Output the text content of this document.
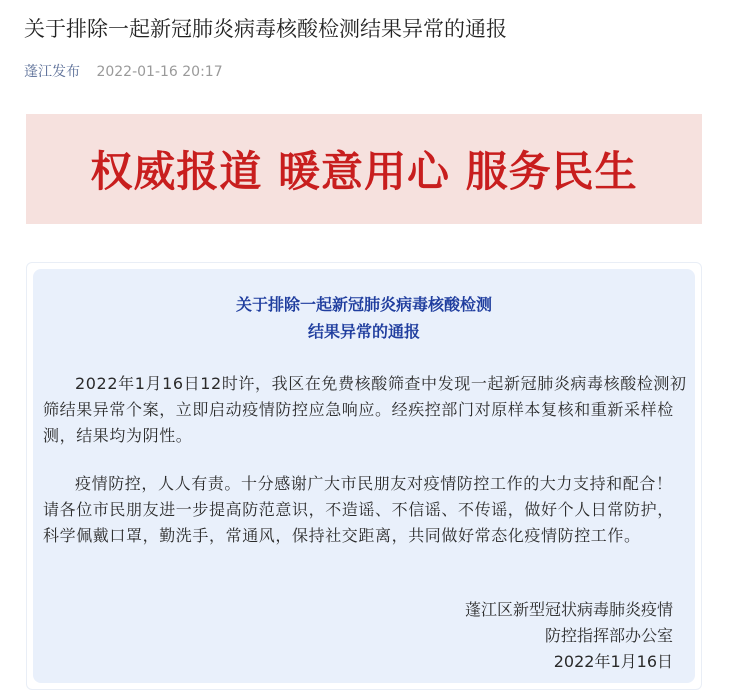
关于排除一起新冠肺炎病毒核酸检测结果异常的通报
蓬江发布 2022-01-16 20:17
权威报道 暖意用心 服务民生
关于排除一起新冠肺炎病毒核酸检测
结果异常的通报

2022年1月16日12时许，我区在免费核酸筛查中发现一起新冠肺炎病毒核酸检测初筛结果异常个案，立即启动疫情防控应急响应。经疾控部门对原样本复核和重新采样检测，结果均为阴性。

疫情防控，人人有责。十分感谢广大市民朋友对疫情防控工作的大力支持和配合！请各位市民朋友进一步提高防范意识，不造谣、不信谣、不传谣，做好个人日常防护，科学佩戴口罩，勤洗手，常通风，保持社交距离，共同做好常态化疫情防控工作。

蓬江区新型冠状病毒肺炎疫情
防控指挥部办公室
2022年1月16日
